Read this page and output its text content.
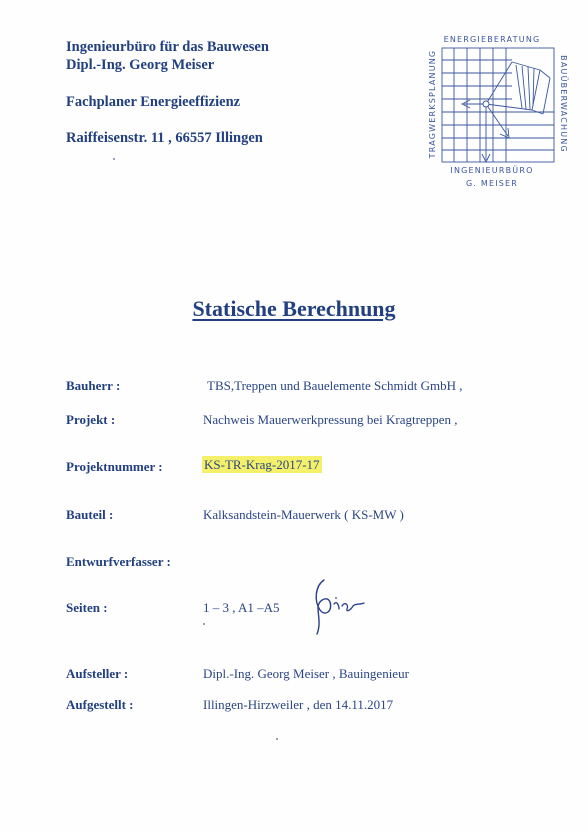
Ingenieurbüro für das Bauwesen
Dipl.-Ing. Georg Meiser
Fachplaner Energieeffizienz
Raiffeisenstr. 11 , 66557 Illingen
ENERGIEBERATUNG
TRAGWERKSPLANUNG	BAUÜBERWACHUNG
INGENIEURBÜRO
G. MEISER
Statische Berechnung
Bauherr :	TBS,Treppen und Bauelemente Schmidt GmbH ,
Projekt :	Nachweis Mauerwerkpressung bei Kragtreppen ,
Projektnummer :	KS-TR-Krag-2017-17
Bauteil :	Kalksandstein-Mauerwerk ( KS-MW )
Entwurfverfasser :
Seiten :	1 – 3 , A1 –A5
Aufsteller :	Dipl.-Ing. Georg Meiser , Bauingenieur
Aufgestellt :	Illingen-Hirzweiler , den 14.11.2017
